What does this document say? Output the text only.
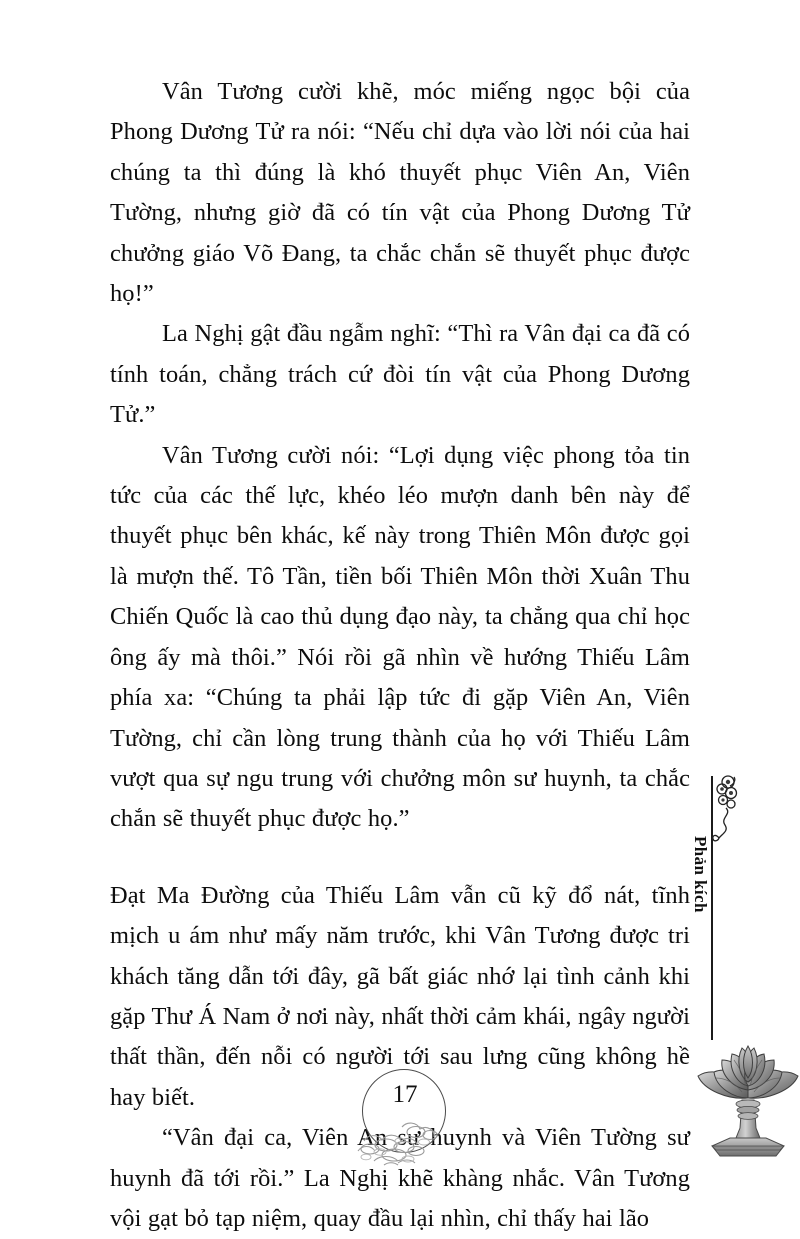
Vân Tương cười khẽ, móc miếng ngọc bội của Phong Dương Tử ra nói: “Nếu chỉ dựa vào lời nói của hai chúng ta thì đúng là khó thuyết phục Viên An, Viên Tường, nhưng giờ đã có tín vật của Phong Dương Tử chưởng giáo Võ Đang, ta chắc chắn sẽ thuyết phục được họ!”

La Nghị gật đầu ngẫm nghĩ: “Thì ra Vân đại ca đã có tính toán, chẳng trách cứ đòi tín vật của Phong Dương Tử.”

Vân Tương cười nói: “Lợi dụng việc phong tỏa tin tức của các thế lực, khéo léo mượn danh bên này để thuyết phục bên khác, kế này trong Thiên Môn được gọi là mượn thế. Tô Tần, tiền bối Thiên Môn thời Xuân Thu Chiến Quốc là cao thủ dụng đạo này, ta chẳng qua chỉ học ông ấy mà thôi.” Nói rồi gã nhìn về hướng Thiếu Lâm phía xa: “Chúng ta phải lập tức đi gặp Viên An, Viên Tường, chỉ cần lòng trung thành của họ với Thiếu Lâm vượt qua sự ngu trung với chưởng môn sư huynh, ta chắc chắn sẽ thuyết phục được họ.”

Đạt Ma Đường của Thiếu Lâm vẫn cũ kỹ đổ nát, tĩnh mịch u ám như mấy năm trước, khi Vân Tương được tri khách tăng dẫn tới đây, gã bất giác nhớ lại tình cảnh khi gặp Thư Á Nam ở nơi này, nhất thời cảm khái, ngây người thất thần, đến nỗi có người tới sau lưng cũng không hề hay biết.

“Vân đại ca, Viên An sư huynh và Viên Tường sư huynh đã tới rồi.” La Nghị khẽ khàng nhắc. Vân Tương vội gạt bỏ tạp niệm, quay đầu lại nhìn, chỉ thấy hai lão

Phản kích
17
